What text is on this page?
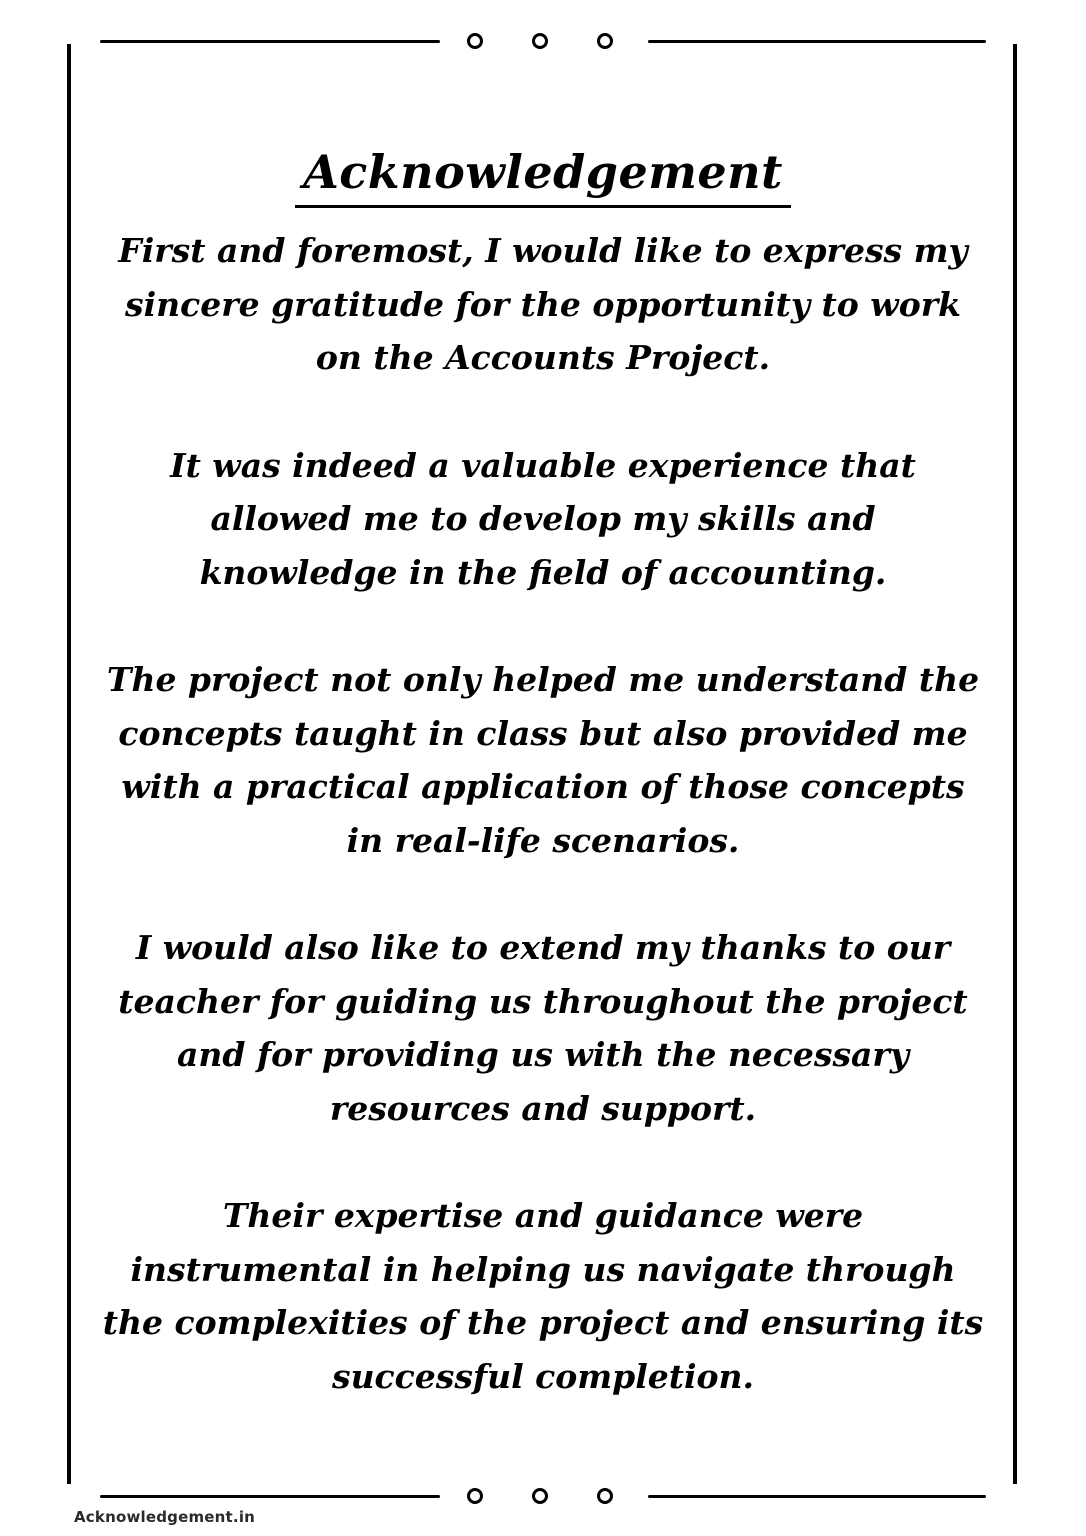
Acknowledgement

First and foremost, I would like to express my
sincere gratitude for the opportunity to work
on the Accounts Project.

It was indeed a valuable experience that
allowed me to develop my skills and
knowledge in the field of accounting.

The project not only helped me understand the
concepts taught in class but also provided me
with a practical application of those concepts
in real-life scenarios.

I would also like to extend my thanks to our
teacher for guiding us throughout the project
and for providing us with the necessary
resources and support.

Their expertise and guidance were
instrumental in helping us navigate through
the complexities of the project and ensuring its
successful completion.

Acknowledgement.in
